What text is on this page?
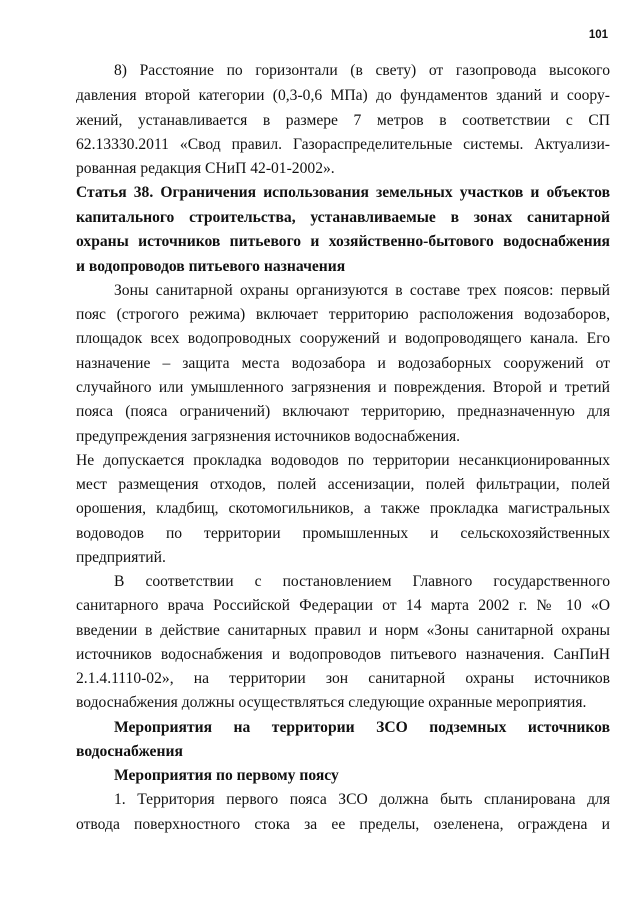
101
8) Расстояние по горизонтали (в свету) от газопровода высокого
давления второй категории (0,3-0,6 МПа) до фундаментов зданий и соору-
жений, устанавливается в размере 7 метров в соответствии с СП
62.13330.2011 «Свод правил. Газораспределительные системы. Актуализи-
рованная редакция СНиП 42-01-2002».
Статья 38. Ограничения использования земельных участков и объектов
капитального строительства, устанавливаемые в зонах санитарной
охраны источников питьевого и хозяйственно-бытового водоснабжения
и водопроводов питьевого назначения
Зоны санитарной охраны организуются в составе трех поясов: первый
пояс (строгого режима) включает территорию расположения водозаборов,
площадок всех водопроводных сооружений и водопроводящего канала. Его
назначение – защита места водозабора и водозаборных сооружений от
случайного или умышленного загрязнения и повреждения. Второй и третий
пояса (пояса ограничений) включают территорию, предназначенную для
предупреждения загрязнения источников водоснабжения.
Не допускается прокладка водоводов по территории несанкционированных
мест размещения отходов, полей ассенизации, полей фильтрации, полей
орошения, кладбищ, скотомогильников, а также прокладка магистральных
водоводов по территории промышленных и сельскохозяйственных
предприятий.
В соответствии с постановлением Главного государственного
санитарного врача Российской Федерации от 14 марта 2002 г. № 10 «О
введении в действие санитарных правил и норм «Зоны санитарной охраны
источников водоснабжения и водопроводов питьевого назначения. СанПиН
2.1.4.1110-02», на территории зон санитарной охраны источников
водоснабжения должны осуществляться следующие охранные мероприятия.
Мероприятия на территории ЗСО подземных источников
водоснабжения
Мероприятия по первому поясу
1. Территория первого пояса ЗСО должна быть спланирована для
отвода поверхностного стока за ее пределы, озеленена, ограждена и
